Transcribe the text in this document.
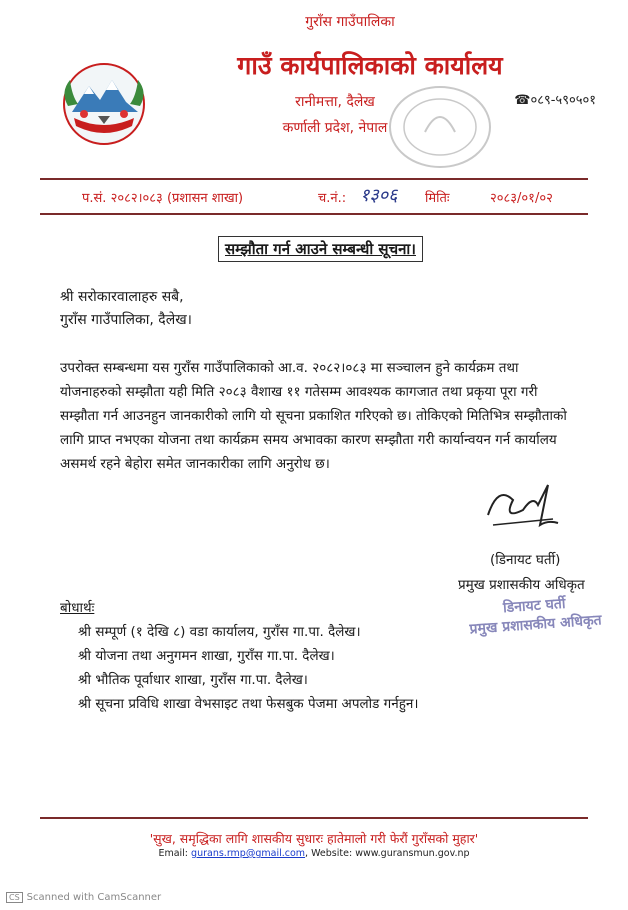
गुराँस गाउँपालिका
गाउँ कार्यपालिकाको कार्यालय
रानीमत्ता, दैलेख
कर्णाली प्रदेश, नेपाल
☎०८९-५९०५०१
प.सं. २०८२।०८३ (प्रशासन शाखा)	च.नं.: १३०६ मितिः	२०८३/०१/०२
सम्झौता गर्न आउने सम्बन्धी सूचना।
श्री सरोकारवालाहरु सबै,
गुराँस गाउँपालिका, दैलेख।
उपरोक्त सम्बन्धमा यस गुराँस गाउँपालिकाको आ.व. २०८२।०८३ मा सञ्चालन हुने कार्यक्रम तथा
योजनाहरुको सम्झौता यही मिति २०८३ वैशाख ११ गतेसम्म आवश्यक कागजात तथा प्रकृया पूरा गरी
सम्झौता गर्न आउनहुन जानकारीको लागि यो सूचना प्रकाशित गरिएको छ। तोकिएको मितिभित्र सम्झौताको
लागि प्राप्त नभएका योजना तथा कार्यक्रम समय अभावका कारण सम्झौता गरी कार्यान्वयन गर्न कार्यालय
असमर्थ रहने बेहोरा समेत जानकारीका लागि अनुरोध छ।
(डिनायट घर्ती)
प्रमुख प्रशासकीय अधिकृत
डिनायट घर्ती
प्रमुख प्रशासकीय अधिकृत
बोधार्थः
श्री सम्पूर्ण (१ देखि ८) वडा कार्यालय, गुराँस गा.पा. दैलेख।
श्री योजना तथा अनुगमन शाखा, गुराँस गा.पा. दैलेख।
श्री भौतिक पूर्वाधार शाखा, गुराँस गा.पा. दैलेख।
श्री सूचना प्रविधि शाखा वेभसाइट तथा फेसबुक पेजमा अपलोड गर्नहुन।
'सुख, समृद्धिका लागि शासकीय सुधारः हातेमालो गरी फेरौं गुराँसको मुहार'
Email: gurans.rmp@gmail.com, Website: www.guransmun.gov.np
CS Scanned with CamScanner
